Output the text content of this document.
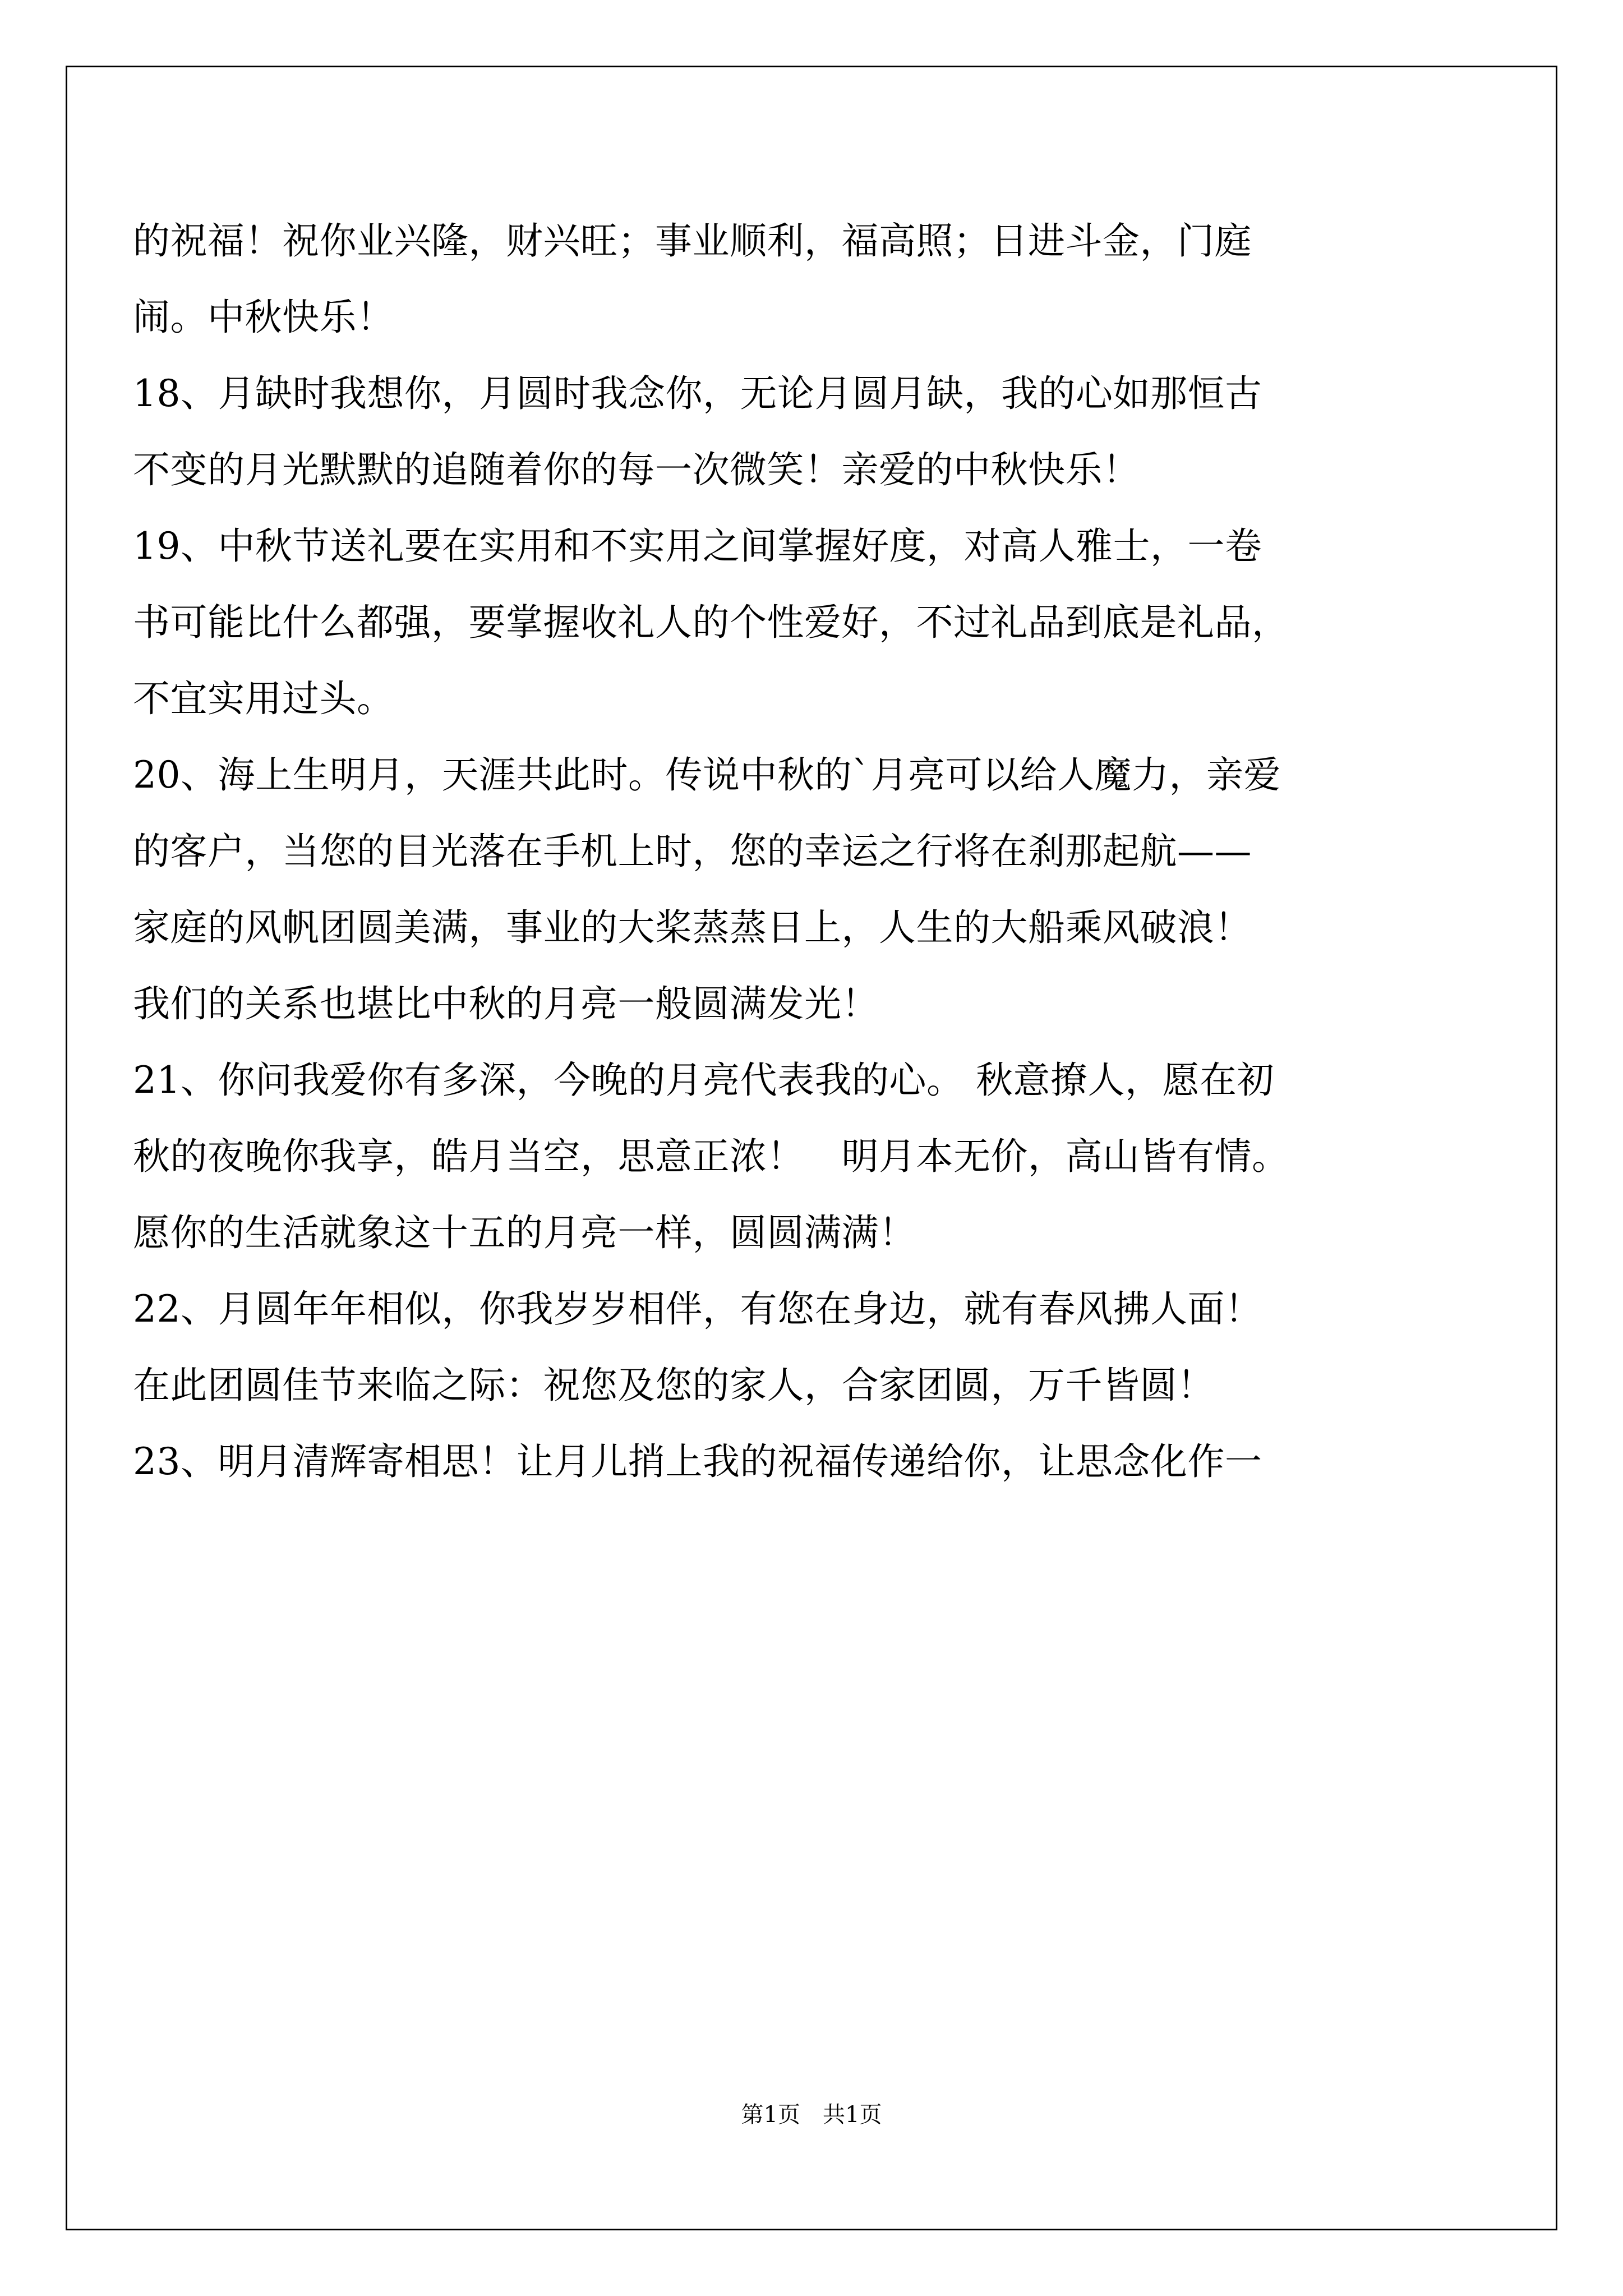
的祝福！祝你业兴隆，财兴旺；事业顺利，福高照；日进斗金，门庭
闹。中秋快乐！
18、月缺时我想你，月圆时我念你，无论月圆月缺，我的心如那恒古
不变的月光默默的追随着你的每一次微笑！亲爱的中秋快乐！
19、中秋节送礼要在实用和不实用之间掌握好度，对高人雅士，一卷
书可能比什么都强，要掌握收礼人的个性爱好，不过礼品到底是礼品，
不宜实用过头。
20、海上生明月，天涯共此时。传说中秋的`月亮可以给人魔力，亲爱
的客户，当您的目光落在手机上时，您的幸运之行将在刹那起航——
家庭的风帆团圆美满，事业的大桨蒸蒸日上，人生的大船乘风破浪！
我们的关系也堪比中秋的月亮一般圆满发光！
21、你问我爱你有多深，今晚的月亮代表我的心。 秋意撩人，愿在初
秋的夜晚你我享，皓月当空，思意正浓！　明月本无价，高山皆有情。
愿你的生活就象这十五的月亮一样，圆圆满满！
22、月圆年年相似，你我岁岁相伴，有您在身边，就有春风拂人面！
在此团圆佳节来临之际：祝您及您的家人，合家团圆，万千皆圆！
23、明月清辉寄相思！让月儿捎上我的祝福传递给你，让思念化作一
第1页　共1页
